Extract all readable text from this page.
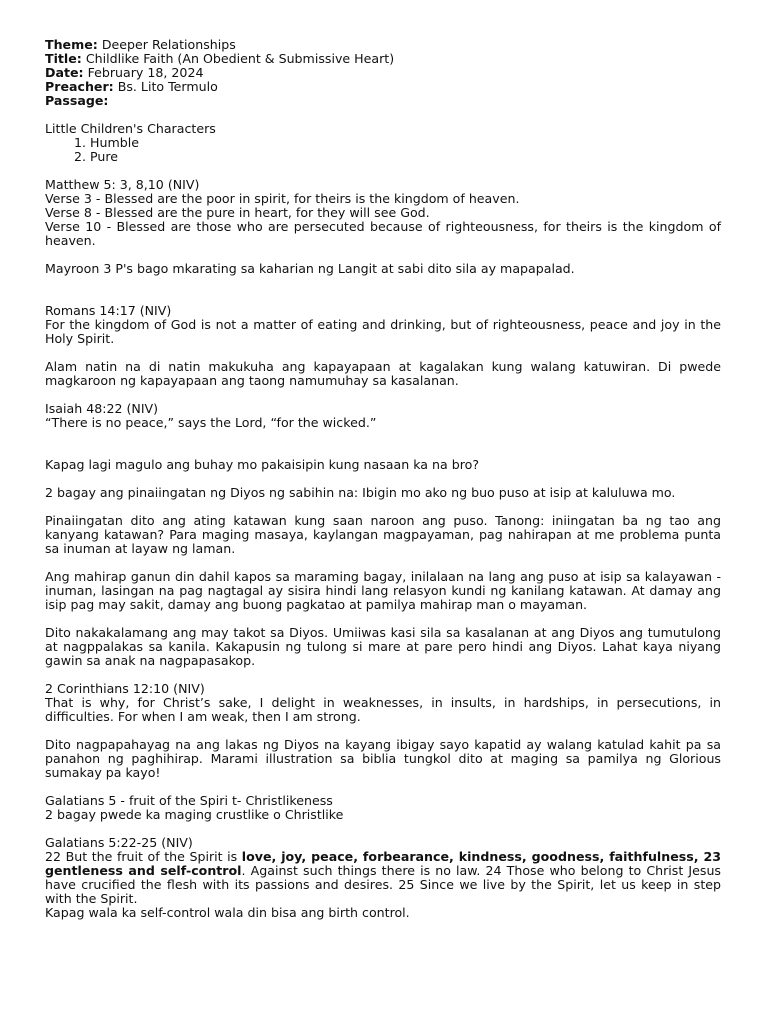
Theme: Deeper Relationships

Title: Childlike Faith (An Obedient & Submissive Heart)

Date: February 18, 2024

Preacher: Bs. Lito Termulo

Passage:

Little Children's Characters

1. Humble
2. Pure

Matthew 5: 3, 8,10 (NIV)

Verse 3 - Blessed are the poor in spirit, for theirs is the kingdom of heaven.

Verse 8 - Blessed are the pure in heart, for they will see God.

Verse 10 - Blessed are those who are persecuted because of righteousness, for theirs is the kingdom of heaven.

Mayroon 3 P's bago mkarating sa kaharian ng Langit at sabi dito sila ay mapapalad.

Romans 14:17 (NIV)

For the kingdom of God is not a matter of eating and drinking, but of righteousness, peace and joy in the Holy Spirit.

Alam natin na di natin makukuha ang kapayapaan at kagalakan kung walang katuwiran. Di pwede magkaroon ng kapayapaan ang taong namumuhay sa kasalanan.

Isaiah 48:22 (NIV)

“There is no peace,” says the Lord, “for the wicked.”

Kapag lagi magulo ang buhay mo pakaisipin kung nasaan ka na bro?

2 bagay ang pinaiingatan ng Diyos ng sabihin na: Ibigin mo ako ng buo puso at isip at kaluluwa mo.

Pinaiingatan dito ang ating katawan kung saan naroon ang puso. Tanong: iniingatan ba ng tao ang kanyang katawan? Para maging masaya, kaylangan magpayaman, pag nahirapan at me problema punta sa inuman at layaw ng laman.

Ang mahirap ganun din dahil kapos sa maraming bagay, inilalaan na lang ang puso at isip sa kalayawan - inuman, lasingan na pag nagtagal ay sisira hindi lang relasyon kundi ng kanilang katawan. At damay ang isip pag may sakit, damay ang buong pagkatao at pamilya mahirap man o mayaman.

Dito nakakalamang ang may takot sa Diyos. Umiiwas kasi sila sa kasalanan at ang Diyos ang tumutulong at nagppalakas sa kanila. Kakapusin ng tulong si mare at pare pero hindi ang Diyos. Lahat kaya niyang gawin sa anak na nagpapasakop.

2 Corinthians 12:10 (NIV)

That is why, for Christ’s sake, I delight in weaknesses, in insults, in hardships, in persecutions, in difficulties. For when I am weak, then I am strong.

Dito nagpapahayag na ang lakas ng Diyos na kayang ibigay sayo kapatid ay walang katulad kahit pa sa panahon ng paghihirap. Marami illustration sa biblia tungkol dito at maging sa pamilya ng Glorious sumakay pa kayo!

Galatians 5 - fruit of the Spiri t- Christlikeness

2 bagay pwede ka maging crustlike o Christlike

Galatians 5:22-25 (NIV)

22 But the fruit of the Spirit is love, joy, peace, forbearance, kindness, goodness, faithfulness, 23 gentleness and self-control. Against such things there is no law. 24 Those who belong to Christ Jesus have crucified the flesh with its passions and desires. 25 Since we live by the Spirit, let us keep in step with the Spirit.

Kapag wala ka self-control wala din bisa ang birth control.
